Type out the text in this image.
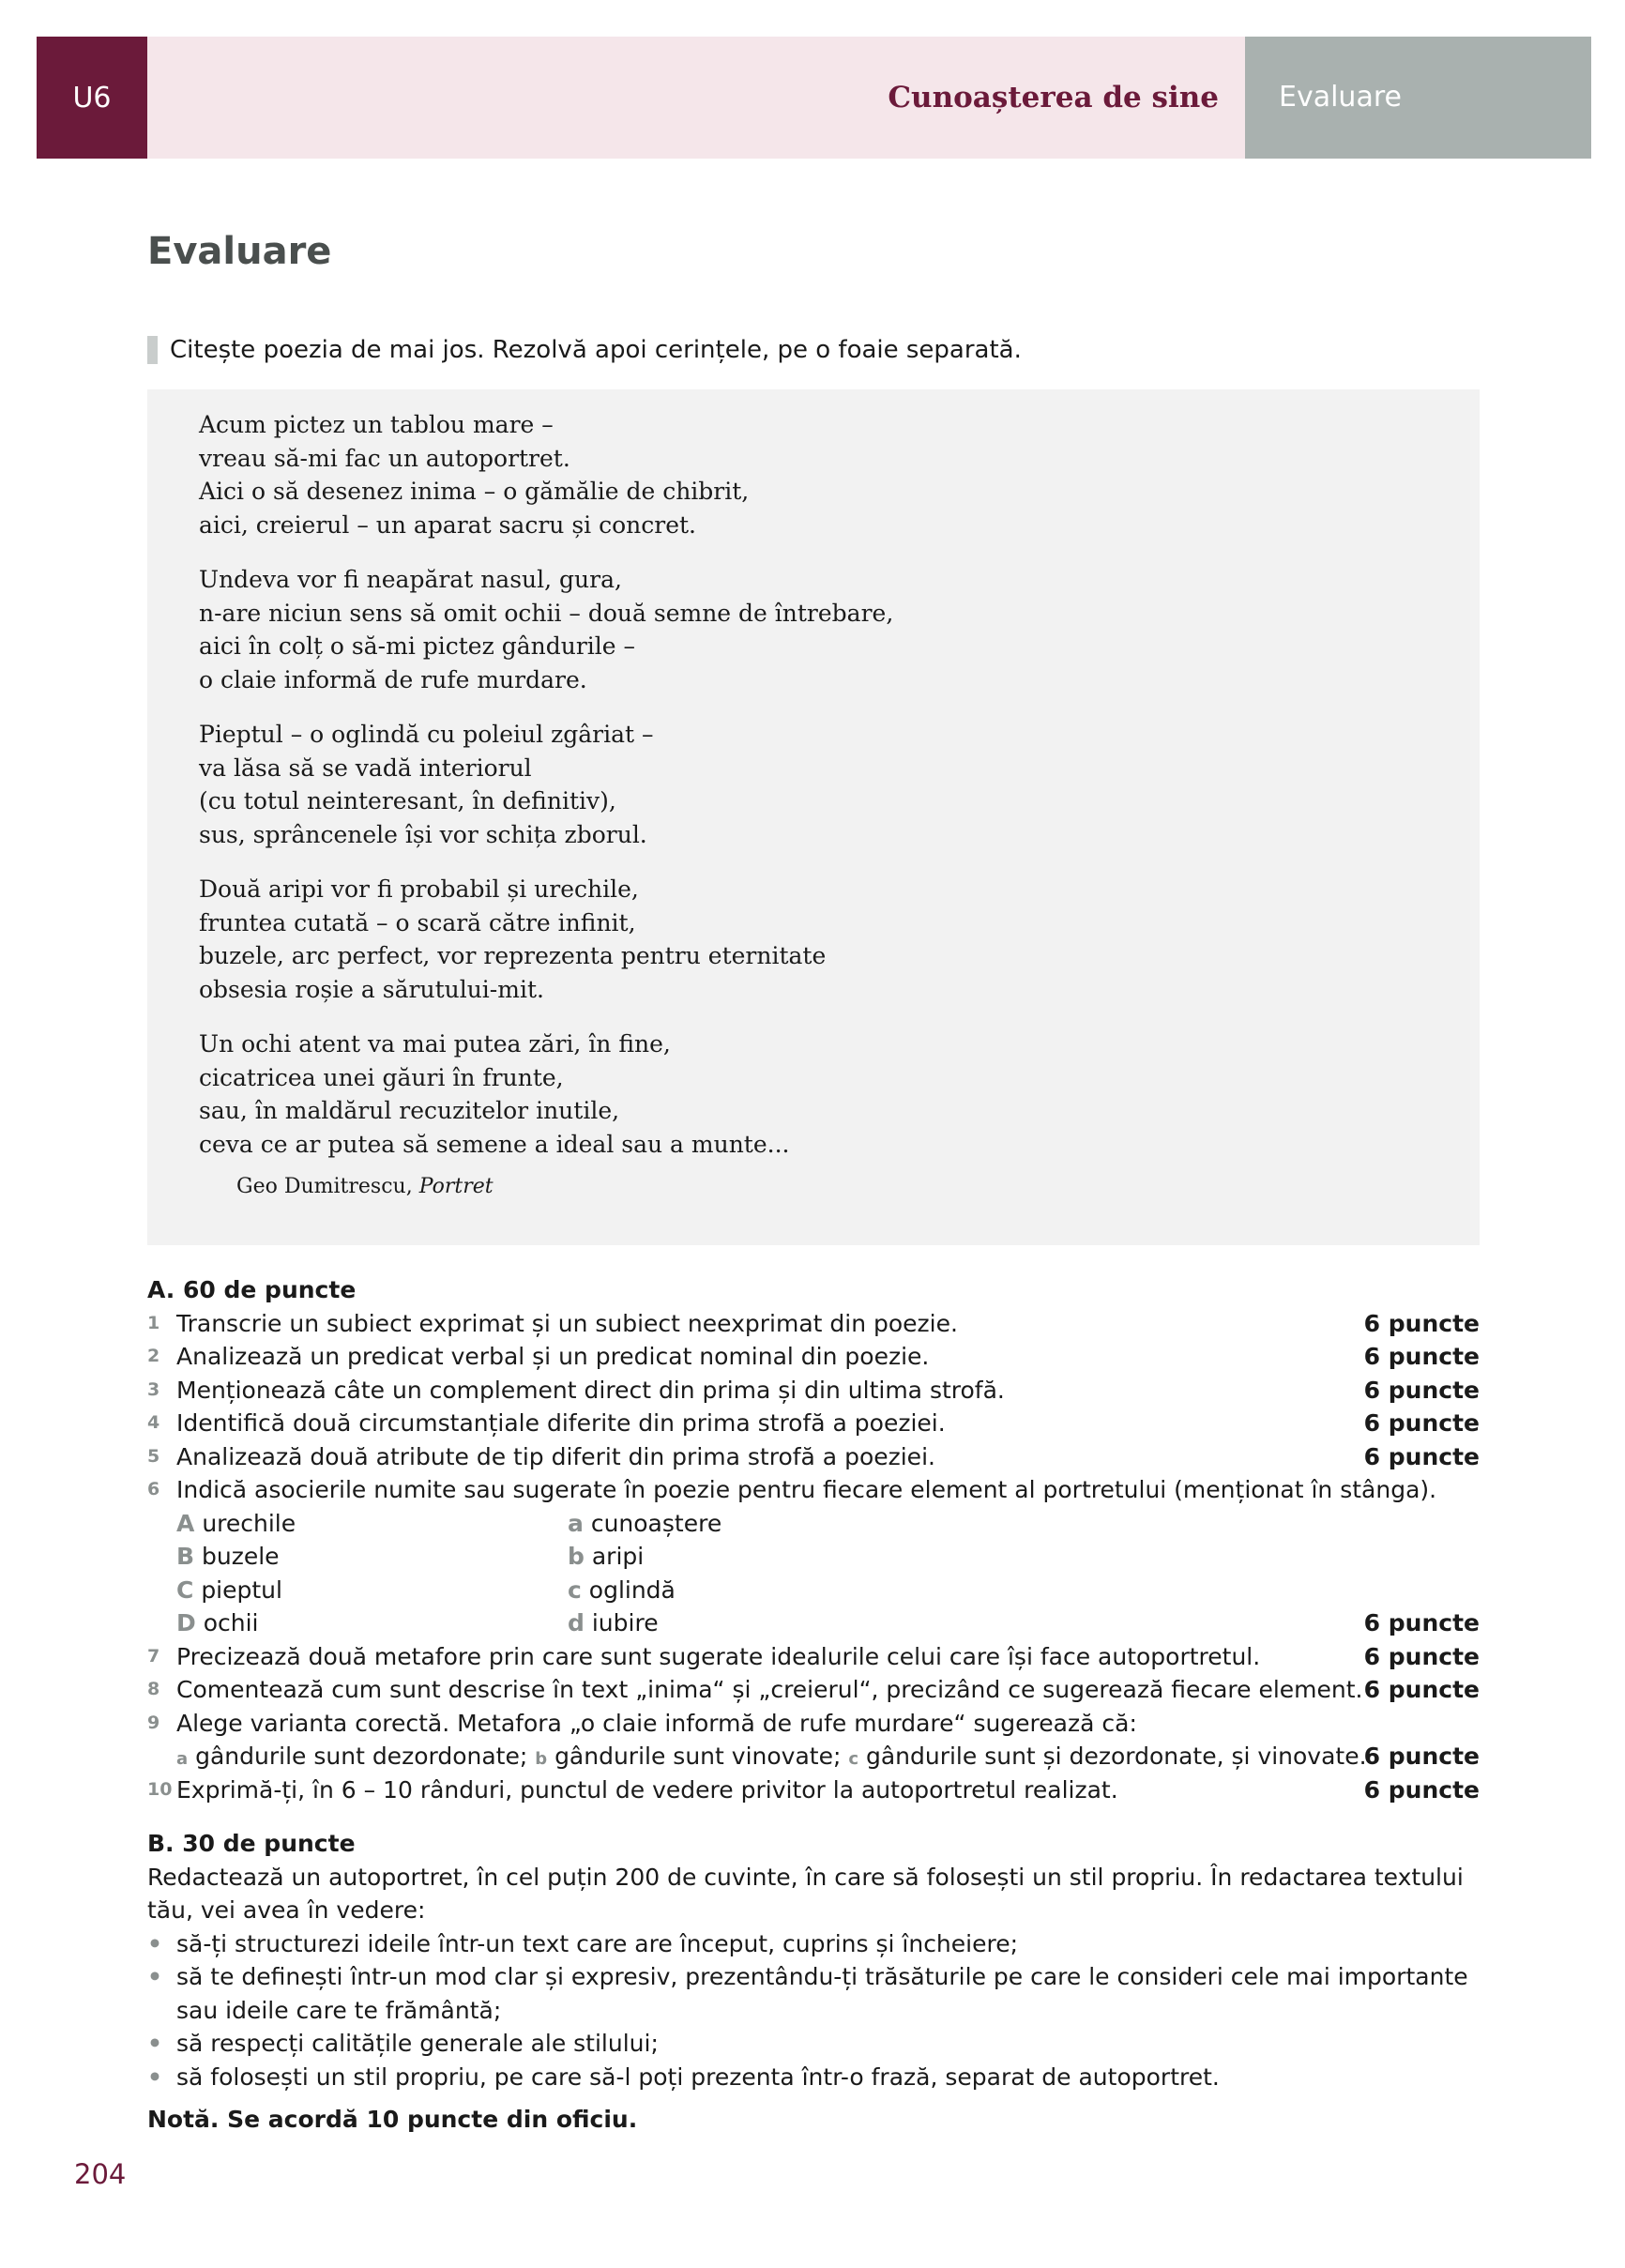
U6	Cunoașterea de sine	Evaluare
Evaluare
Citește poezia de mai jos. Rezolvă apoi cerințele, pe o foaie separată.
Acum pictez un tablou mare –
vreau să-mi fac un autoportret.
Aici o să desenez inima – o gămălie de chibrit,
aici, creierul – un aparat sacru și concret.
Undeva vor fi neapărat nasul, gura,
n-are niciun sens să omit ochii – două semne de întrebare,
aici în colț o să-mi pictez gândurile –
o claie informă de rufe murdare.
Pieptul – o oglindă cu poleiul zgâriat –
va lăsa să se vadă interiorul
(cu totul neinteresant, în definitiv),
sus, sprâncenele își vor schița zborul.
Două aripi vor fi probabil și urechile,
fruntea cutată – o scară către infinit,
buzele, arc perfect, vor reprezenta pentru eternitate
obsesia roșie a sărutului-mit.
Un ochi atent va mai putea zări, în fine,
cicatricea unei găuri în frunte,
sau, în maldărul recuzitelor inutile,
ceva ce ar putea să semene a ideal sau a munte...
Geo Dumitrescu, Portret
A. 60 de puncte
1 Transcrie un subiect exprimat și un subiect neexprimat din poezie.	6 puncte
2 Analizează un predicat verbal și un predicat nominal din poezie.	6 puncte
3 Menționează câte un complement direct din prima și din ultima strofă.	6 puncte
4 Identifică două circumstanțiale diferite din prima strofă a poeziei.	6 puncte
5 Analizează două atribute de tip diferit din prima strofă a poeziei.	6 puncte
6 Indică asocierile numite sau sugerate în poezie pentru fiecare element al portretului (menționat în stânga).
A urechile	a cunoaștere
B buzele	b aripi
C pieptul	c oglindă
D ochii	d iubire	6 puncte
7 Precizează două metafore prin care sunt sugerate idealurile celui care își face autoportretul.	6 puncte
8 Comentează cum sunt descrise în text „inima“ și „creierul“, precizând ce sugerează fiecare element. 6 puncte
9 Alege varianta corectă. Metafora „o claie informă de rufe murdare“ sugerează că:
a gândurile sunt dezordonate; b gândurile sunt vinovate; c gândurile sunt și dezordonate, și vinovate.
6 puncte
10 Exprimă-ți, în 6 – 10 rânduri, punctul de vedere privitor la autoportretul realizat.	6 puncte
B. 30 de puncte
Redactează un autoportret, în cel puțin 200 de cuvinte, în care să folosești un stil propriu. În redactarea textului tău, vei avea în vedere:
• să-ți structurezi ideile într-un text care are început, cuprins și încheiere;
• să te definești într-un mod clar și expresiv, prezentându-ți trăsăturile pe care le consideri cele mai importante sau ideile care te frământă;
• să respecți calitățile generale ale stilului;
• să folosești un stil propriu, pe care să-l poți prezenta într-o frază, separat de autoportret.
Notă. Se acordă 10 puncte din oficiu.
204
